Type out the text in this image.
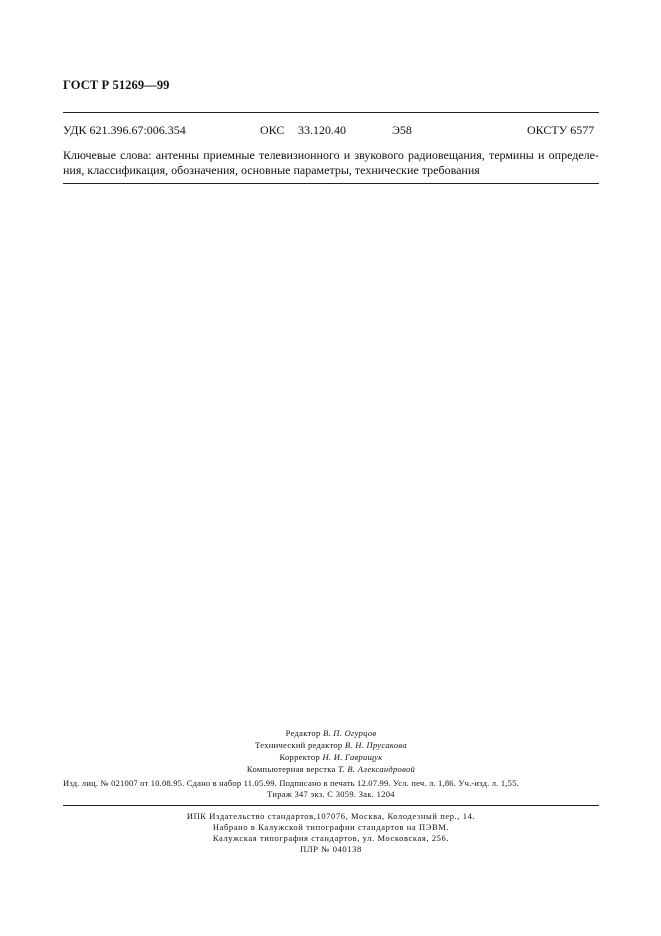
ГОСТ Р 51269—99
УДК 621.396.67:006.354	ОКС 33.120.40	Э58	ОКСТУ 6577
Ключевые слова: антенны приемные телевизионного и звукового радиовещания, термины и определе-ния, классификация, обозначения, основные параметры, технические требования
Редактор В. П. Огурцов
Технический редактор В. Н. Прусакова
Корректор Н. И. Гаврищук
Компьютерная верстка Т. В. Александровой
Изд. лиц. № 021007 от 10.08.95. Сдано в набор 11.05.99. Подписано в печать 12.07.99. Усл. печ. л. 1,86. Уч.-изд. л. 1,55.
Тираж 347 экз. С 3059. Зак. 1204
ИПК Издательство стандартов,107076, Москва, Колодезный пер., 14.
Набрано в Калужской типографии стандартов на ПЭВМ.
Калужская типография стандартов, ул. Московская, 256.
ПЛР № 040138
